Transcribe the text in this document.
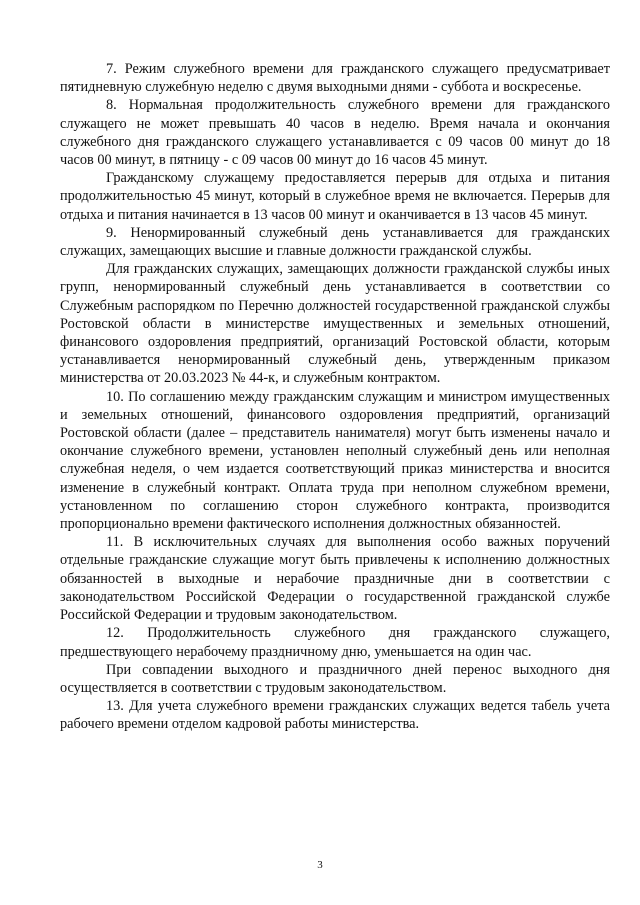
7. Режим служебного времени для гражданского служащего предусматривает пятидневную служебную неделю с двумя выходными днями - суббота и воскресенье.

8. Нормальная продолжительность служебного времени для гражданского служащего не может превышать 40 часов в неделю. Время начала и окончания служебного дня гражданского служащего устанавливается с 09 часов 00 минут до 18 часов 00 минут, в пятницу - с 09 часов 00 минут до 16 часов 45 минут.

Гражданскому служащему предоставляется перерыв для отдыха и питания продолжительностью 45 минут, который в служебное время не включается. Перерыв для отдыха и питания начинается в 13 часов 00 минут и оканчивается в 13 часов 45 минут.

9. Ненормированный служебный день устанавливается для гражданских служащих, замещающих высшие и главные должности гражданской службы.

Для гражданских служащих, замещающих должности гражданской службы иных групп, ненормированный служебный день устанавливается в соответствии со Служебным распорядком по Перечню должностей государственной гражданской службы Ростовской области в министерстве имущественных и земельных отношений, финансового оздоровления предприятий, организаций Ростовской области, которым устанавливается ненормированный служебный день, утвержденным приказом министерства от 20.03.2023 № 44-к, и служебным контрактом.

10. По соглашению между гражданским служащим и министром имущественных и земельных отношений, финансового оздоровления предприятий, организаций Ростовской области (далее – представитель нанимателя) могут быть изменены начало и окончание служебного времени, установлен неполный служебный день или неполная служебная неделя, о чем издается соответствующий приказ министерства и вносится изменение в служебный контракт. Оплата труда при неполном служебном времени, установленном по соглашению сторон служебного контракта, производится пропорционально времени фактического исполнения должностных обязанностей.

11. В исключительных случаях для выполнения особо важных поручений отдельные гражданские служащие могут быть привлечены к исполнению должностных обязанностей в выходные и нерабочие праздничные дни в соответствии с законодательством Российской Федерации о государственной гражданской службе Российской Федерации и трудовым законодательством.

12. Продолжительность служебного дня гражданского служащего, предшествующего нерабочему праздничному дню, уменьшается на один час.

При совпадении выходного и праздничного дней перенос выходного дня осуществляется в соответствии с трудовым законодательством.

13. Для учета служебного времени гражданских служащих ведется табель учета рабочего времени отделом кадровой работы министерства.

3
